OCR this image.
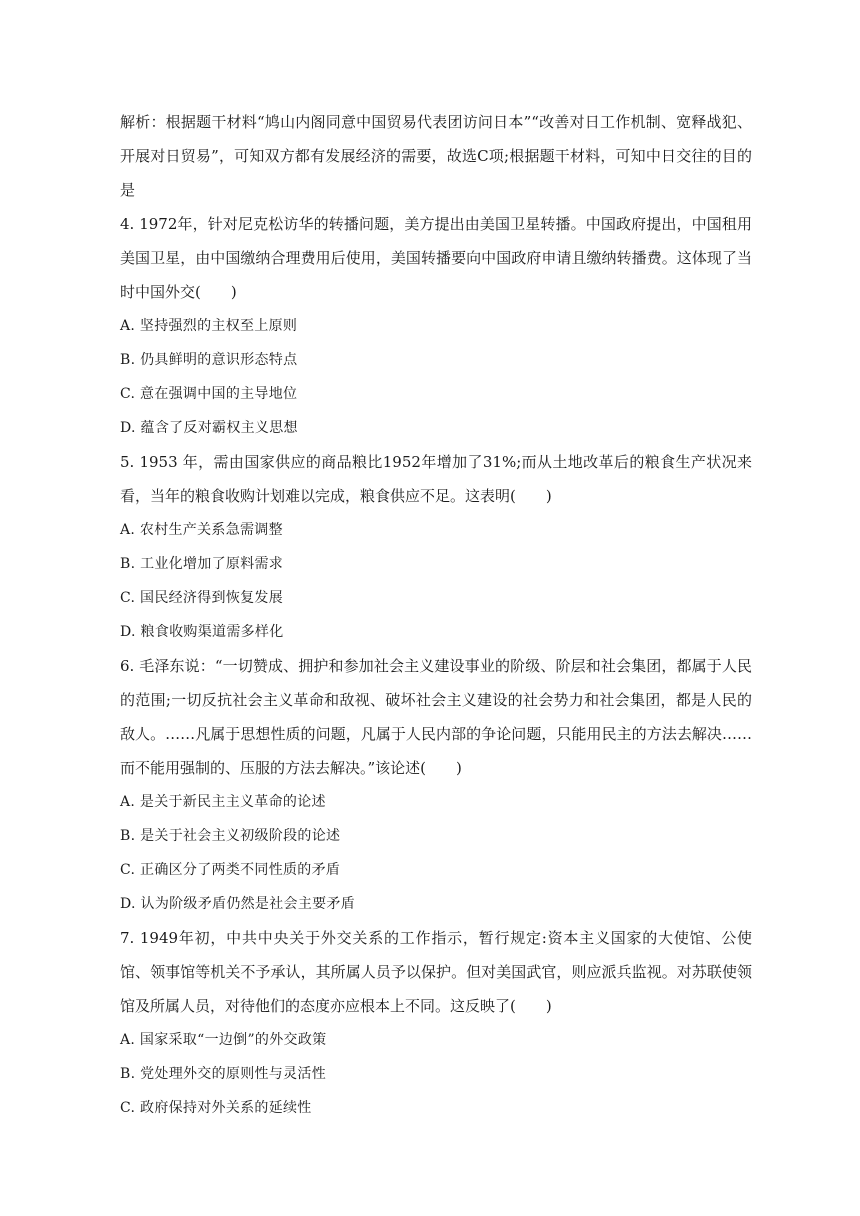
解析：根据题干材料“鸠山内阁同意中国贸易代表团访问日本”“改善对日工作机制、宽释战犯、开展对日贸易”，可知双方都有发展经济的需要，故选C项;根据题干材料，可知中日交往的目的是

4. 1972年，针对尼克松访华的转播问题，美方提出由美国卫星转播。中国政府提出，中国租用美国卫星，由中国缴纳合理费用后使用，美国转播要向中国政府申请且缴纳转播费。这体现了当时中国外交(　　)

A. 坚持强烈的主权至上原则

B. 仍具鲜明的意识形态特点

C. 意在强调中国的主导地位

D. 蕴含了反对霸权主义思想

5. 1953 年，需由国家供应的商品粮比1952年增加了31%;而从土地改革后的粮食生产状况来看，当年的粮食收购计划难以完成，粮食供应不足。这表明(　　)

A. 农村生产关系急需调整

B. 工业化增加了原料需求

C. 国民经济得到恢复发展

D. 粮食收购渠道需多样化

6. 毛泽东说：“一切赞成、拥护和参加社会主义建设事业的阶级、阶层和社会集团，都属于人民的范围;一切反抗社会主义革命和敌视、破坏社会主义建设的社会势力和社会集团，都是人民的敌人。……凡属于思想性质的问题，凡属于人民内部的争论问题，只能用民主的方法去解决……而不能用强制的、压服的方法去解决。”该论述(　　)

A. 是关于新民主主义革命的论述

B. 是关于社会主义初级阶段的论述

C. 正确区分了两类不同性质的矛盾

D. 认为阶级矛盾仍然是社会主要矛盾

7. 1949年初，中共中央关于外交关系的工作指示，暂行规定:资本主义国家的大使馆、公使馆、领事馆等机关不予承认，其所属人员予以保护。但对美国武官，则应派兵监视。对苏联使领馆及所属人员，对待他们的态度亦应根本上不同。这反映了(　　)

A. 国家采取“一边倒”的外交政策

B. 党处理外交的原则性与灵活性

C. 政府保持对外关系的延续性
